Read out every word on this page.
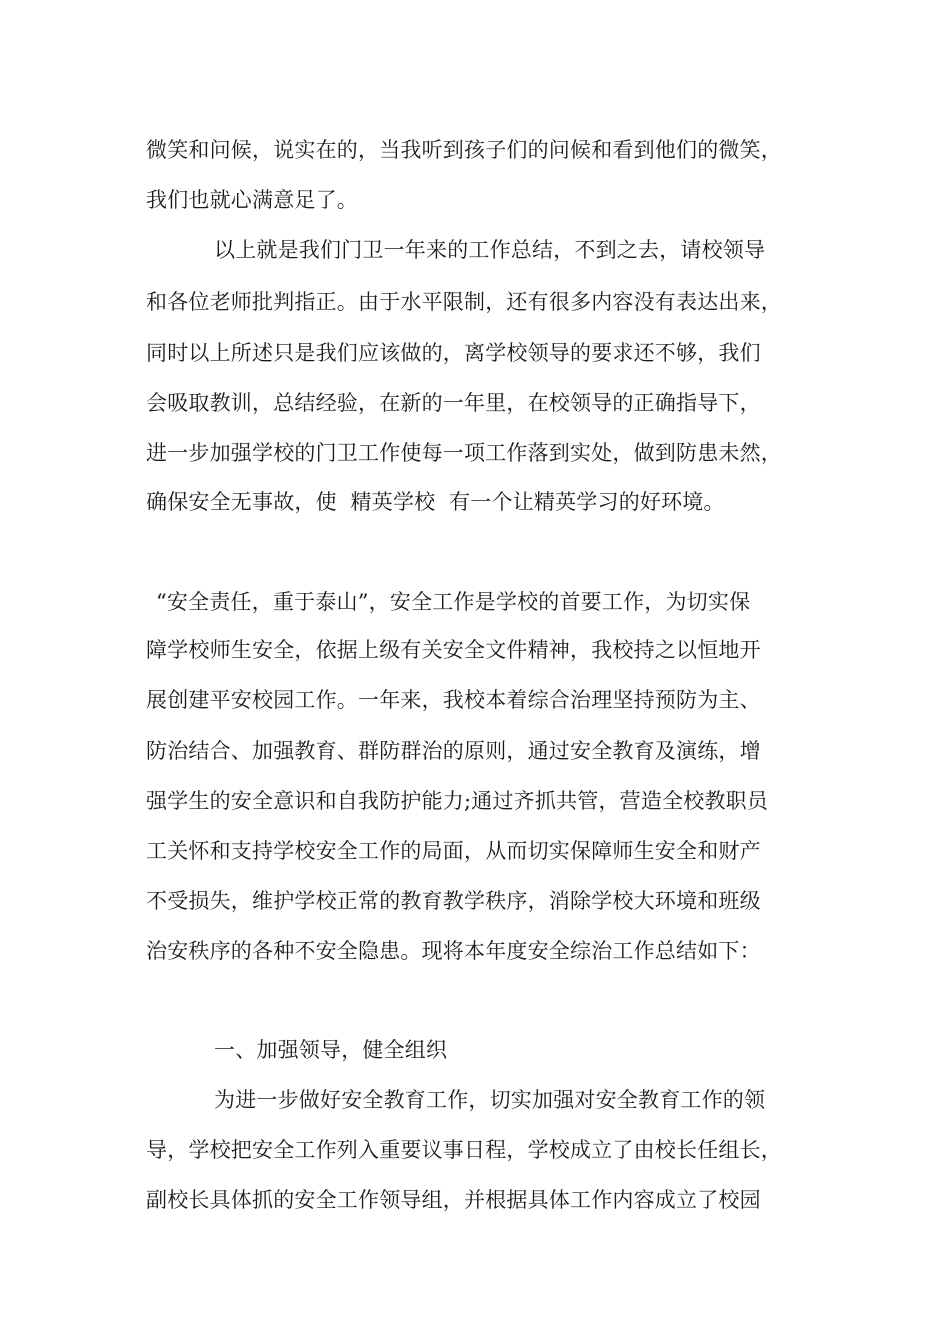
微笑和问候，说实在的，当我听到孩子们的问候和看到他们的微笑，
我们也就心满意足了。
以上就是我们门卫一年来的工作总结，不到之去，请校领导
和各位老师批判指正。由于水平限制，还有很多内容没有表达出来，
同时以上所述只是我们应该做的，离学校领导的要求还不够，我们
会吸取教训，总结经验，在新的一年里，在校领导的正确指导下，
进一步加强学校的门卫工作使每一项工作落到实处，做到防患未然，
确保安全无事故，使  精英学校  有一个让精英学习的好环境。
“安全责任，重于泰山”，安全工作是学校的首要工作，为切实保
障学校师生安全，依据上级有关安全文件精神，我校持之以恒地开
展创建平安校园工作。一年来，我校本着综合治理坚持预防为主、
防治结合、加强教育、群防群治的原则，通过安全教育及演练，增
强学生的安全意识和自我防护能力;通过齐抓共管，营造全校教职员
工关怀和支持学校安全工作的局面，从而切实保障师生安全和财产
不受损失，维护学校正常的教育教学秩序，消除学校大环境和班级
治安秩序的各种不安全隐患。现将本年度安全综治工作总结如下：
一、加强领导，健全组织
为进一步做好安全教育工作，切实加强对安全教育工作的领
导，学校把安全工作列入重要议事日程，学校成立了由校长任组长，
副校长具体抓的安全工作领导组，并根据具体工作内容成立了校园
